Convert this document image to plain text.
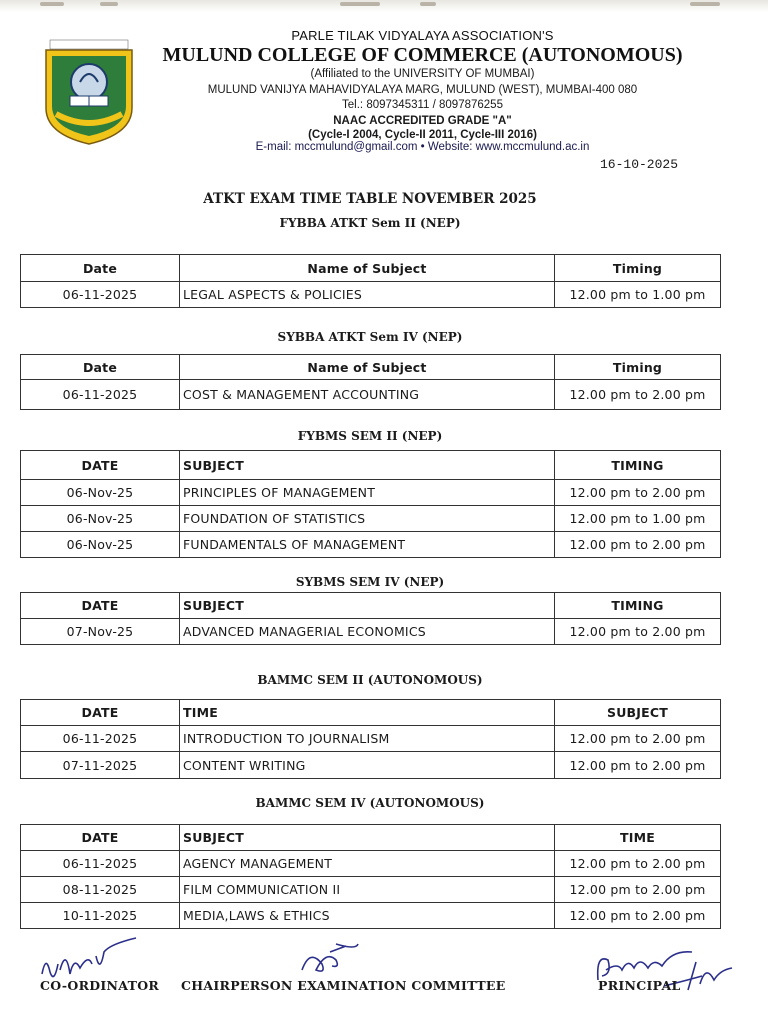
PARLE TILAK VIDYALAYA ASSOCIATION'S
MULUND COLLEGE OF COMMERCE (AUTONOMOUS)
(Affiliated to the UNIVERSITY OF MUMBAI)
MULUND VANIJYA MAHAVIDYALAYA MARG, MULUND (WEST), MUMBAI-400 080
Tel.: 8097345311 / 8097876255
NAAC ACCREDITED GRADE "A"
(Cycle-I 2004, Cycle-II 2011, Cycle-III 2016)
E-mail: mccmulund@gmail.com • Website: www.mccmulund.ac.in
16-10-2025
ATKT EXAM TIME TABLE NOVEMBER 2025
FYBBA ATKT Sem II (NEP)
Date	Name of Subject	Timing
06-11-2025	LEGAL ASPECTS & POLICIES	12.00 pm to 1.00 pm
SYBBA ATKT Sem IV (NEP)
Date	Name of Subject	Timing
06-11-2025	COST & MANAGEMENT ACCOUNTING	12.00 pm to 2.00 pm
FYBMS SEM II (NEP)
DATE	SUBJECT	TIMING
06-Nov-25	PRINCIPLES OF MANAGEMENT	12.00 pm to 2.00 pm
06-Nov-25	FOUNDATION OF STATISTICS	12.00 pm to 1.00 pm
06-Nov-25	FUNDAMENTALS OF MANAGEMENT	12.00 pm to 2.00 pm
SYBMS SEM IV (NEP)
DATE	SUBJECT	TIMING
07-Nov-25	ADVANCED MANAGERIAL ECONOMICS	12.00 pm to 2.00 pm
BAMMC SEM II (AUTONOMOUS)
DATE	TIME	SUBJECT
06-11-2025	INTRODUCTION TO JOURNALISM	12.00 pm to 2.00 pm
07-11-2025	CONTENT WRITING	12.00 pm to 2.00 pm
BAMMC SEM IV (AUTONOMOUS)
DATE	SUBJECT	TIME
06-11-2025	AGENCY MANAGEMENT	12.00 pm to 2.00 pm
08-11-2025	FILM COMMUNICATION II	12.00 pm to 2.00 pm
10-11-2025	MEDIA,LAWS & ETHICS	12.00 pm to 2.00 pm
CO-ORDINATOR CHAIRPERSON EXAMINATION COMMITTEE	PRINCIPAL
